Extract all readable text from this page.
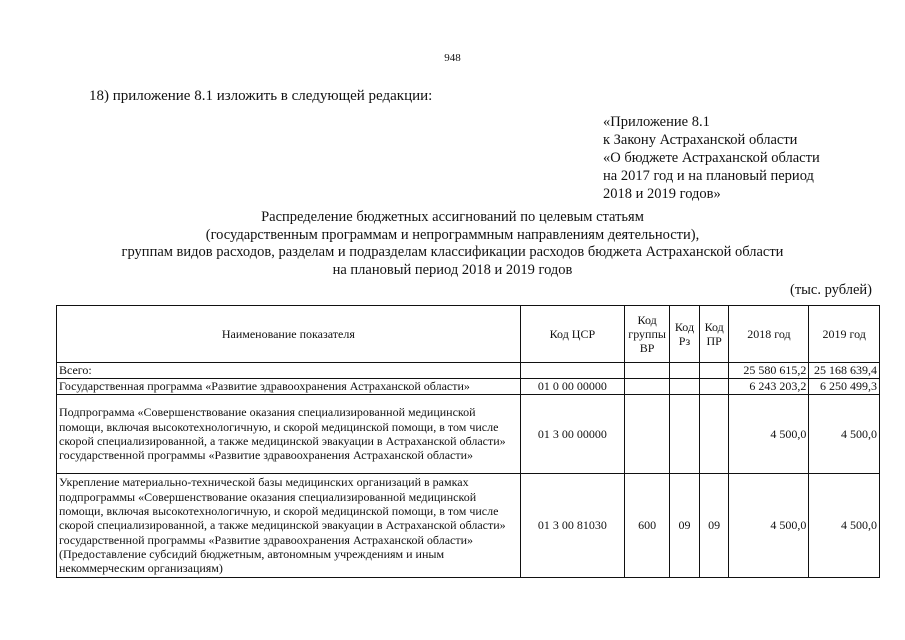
948
18) приложение 8.1 изложить в следующей редакции:
«Приложение 8.1
к Закону Астраханской области
«О бюджете Астраханской области
на 2017 год и на плановый период
2018 и 2019 годов»
Распределение бюджетных ассигнований по целевым статьям
(государственным программам и непрограммным направлениям деятельности),
группам видов расходов, разделам и подразделам классификации расходов бюджета Астраханской области
на плановый период 2018 и 2019 годов
(тыс. рублей)
Наименование показателя	Код ЦСР	Код группы ВР	Код Рз	Код ПР	2018 год	2019 год
Всего:					25 580 615,2	25 168 639,4
Государственная программа «Развитие здравоохранения Астраханской области»	01 0 00 00000				6 243 203,2	6 250 499,3
Подпрограмма «Совершенствование оказания специализированной медицинской помощи, включая высокотехнологичную, и скорой медицинской помощи, в том числе скорой специализированной, а также медицинской эвакуации в Астраханской области» государственной программы «Развитие здравоохранения Астраханской области»	01 3 00 00000				4 500,0	4 500,0
Укрепление материально-технической базы медицинских организаций в рамках подпрограммы «Совершенствование оказания специализированной медицинской помощи, включая высокотехнологичную, и скорой медицинской помощи, в том числе скорой специализированной, а также медицинской эвакуации в Астраханской области» государственной программы «Развитие здравоохранения Астраханской области» (Предоставление субсидий бюджетным, автономным учреждениям и иным некоммерческим организациям)	01 3 00 81030	600	09	09	4 500,0	4 500,0
